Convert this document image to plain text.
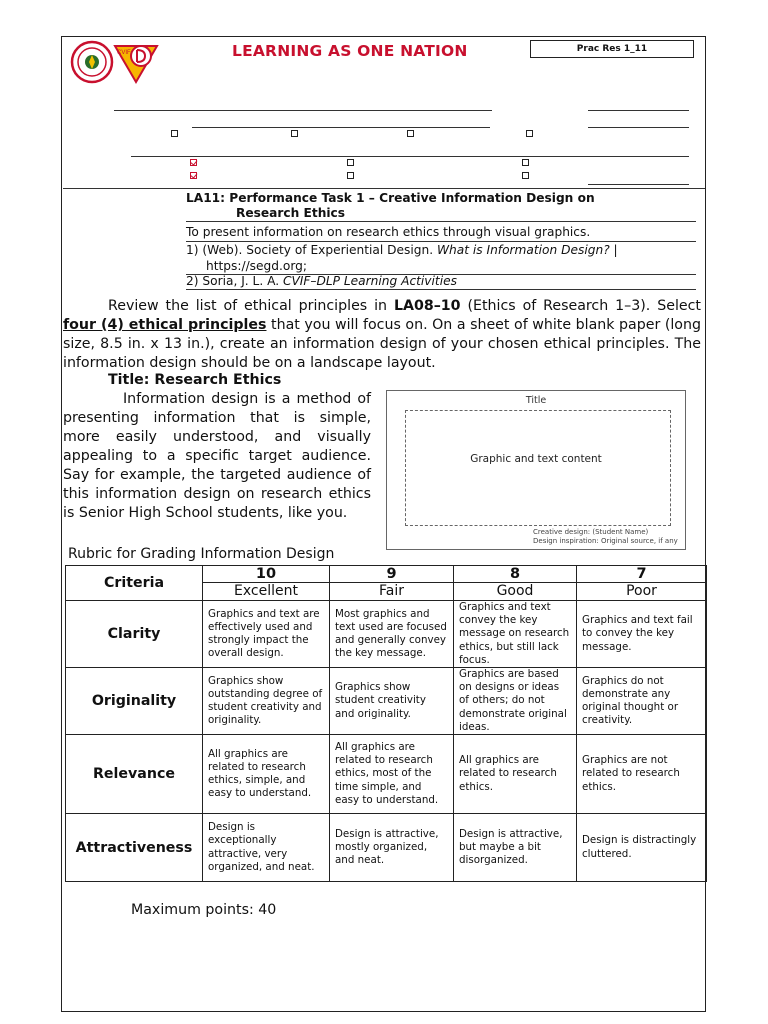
CVIF	LEARNING AS ONE NATION	Prac Res 1_11
LA11: Performance Task 1 – Creative Information Design on
Research Ethics
To present information on research ethics through visual graphics.
1) (Web). Society of Experiential Design. What is Information Design? |
https://segd.org;
2) Soria, J. L. A. CVIF–DLP Learning Activities
Review the list of ethical principles in LA08–10 (Ethics of Research 1–3). Select four (4) ethical principles that you will focus on. On a sheet of white blank paper (long size, 8.5 in. x 13 in.), create an information design of your chosen ethical principles. The information design should be on a landscape layout.
Title: Research Ethics
Information design is a method of presenting information that is simple, more easily understood, and visually appealing to a specific target audience. Say for example, the targeted audience of this information design on research ethics is Senior High School students, like you.
Title
Graphic and text content
Creative design: (Student Name)
Design inspiration: Original source, if any
Rubric for Grading Information Design
Criteria	10	9	8	7
	Excellent	Fair	Good	Poor
Clarity	Graphics and text are effectively used and strongly impact the overall design.	Most graphics and text used are focused and generally convey the key message.	Graphics and text convey the key message on research ethics, but still lack focus.	Graphics and text fail to convey the key message.
Originality	Graphics show outstanding degree of student creativity and originality.	Graphics show student creativity and originality.	Graphics are based on designs or ideas of others; do not demonstrate original ideas.	Graphics do not demonstrate any original thought or creativity.
Relevance	All graphics are related to research ethics, simple, and easy to understand.	All graphics are related to research ethics, most of the time simple, and easy to understand.	All graphics are related to research ethics.	Graphics are not related to research ethics.
Attractiveness	Design is exceptionally attractive, very organized, and neat.	Design is attractive, mostly organized, and neat.	Design is attractive, but maybe a bit disorganized.	Design is distractingly cluttered.
Maximum points: 40
